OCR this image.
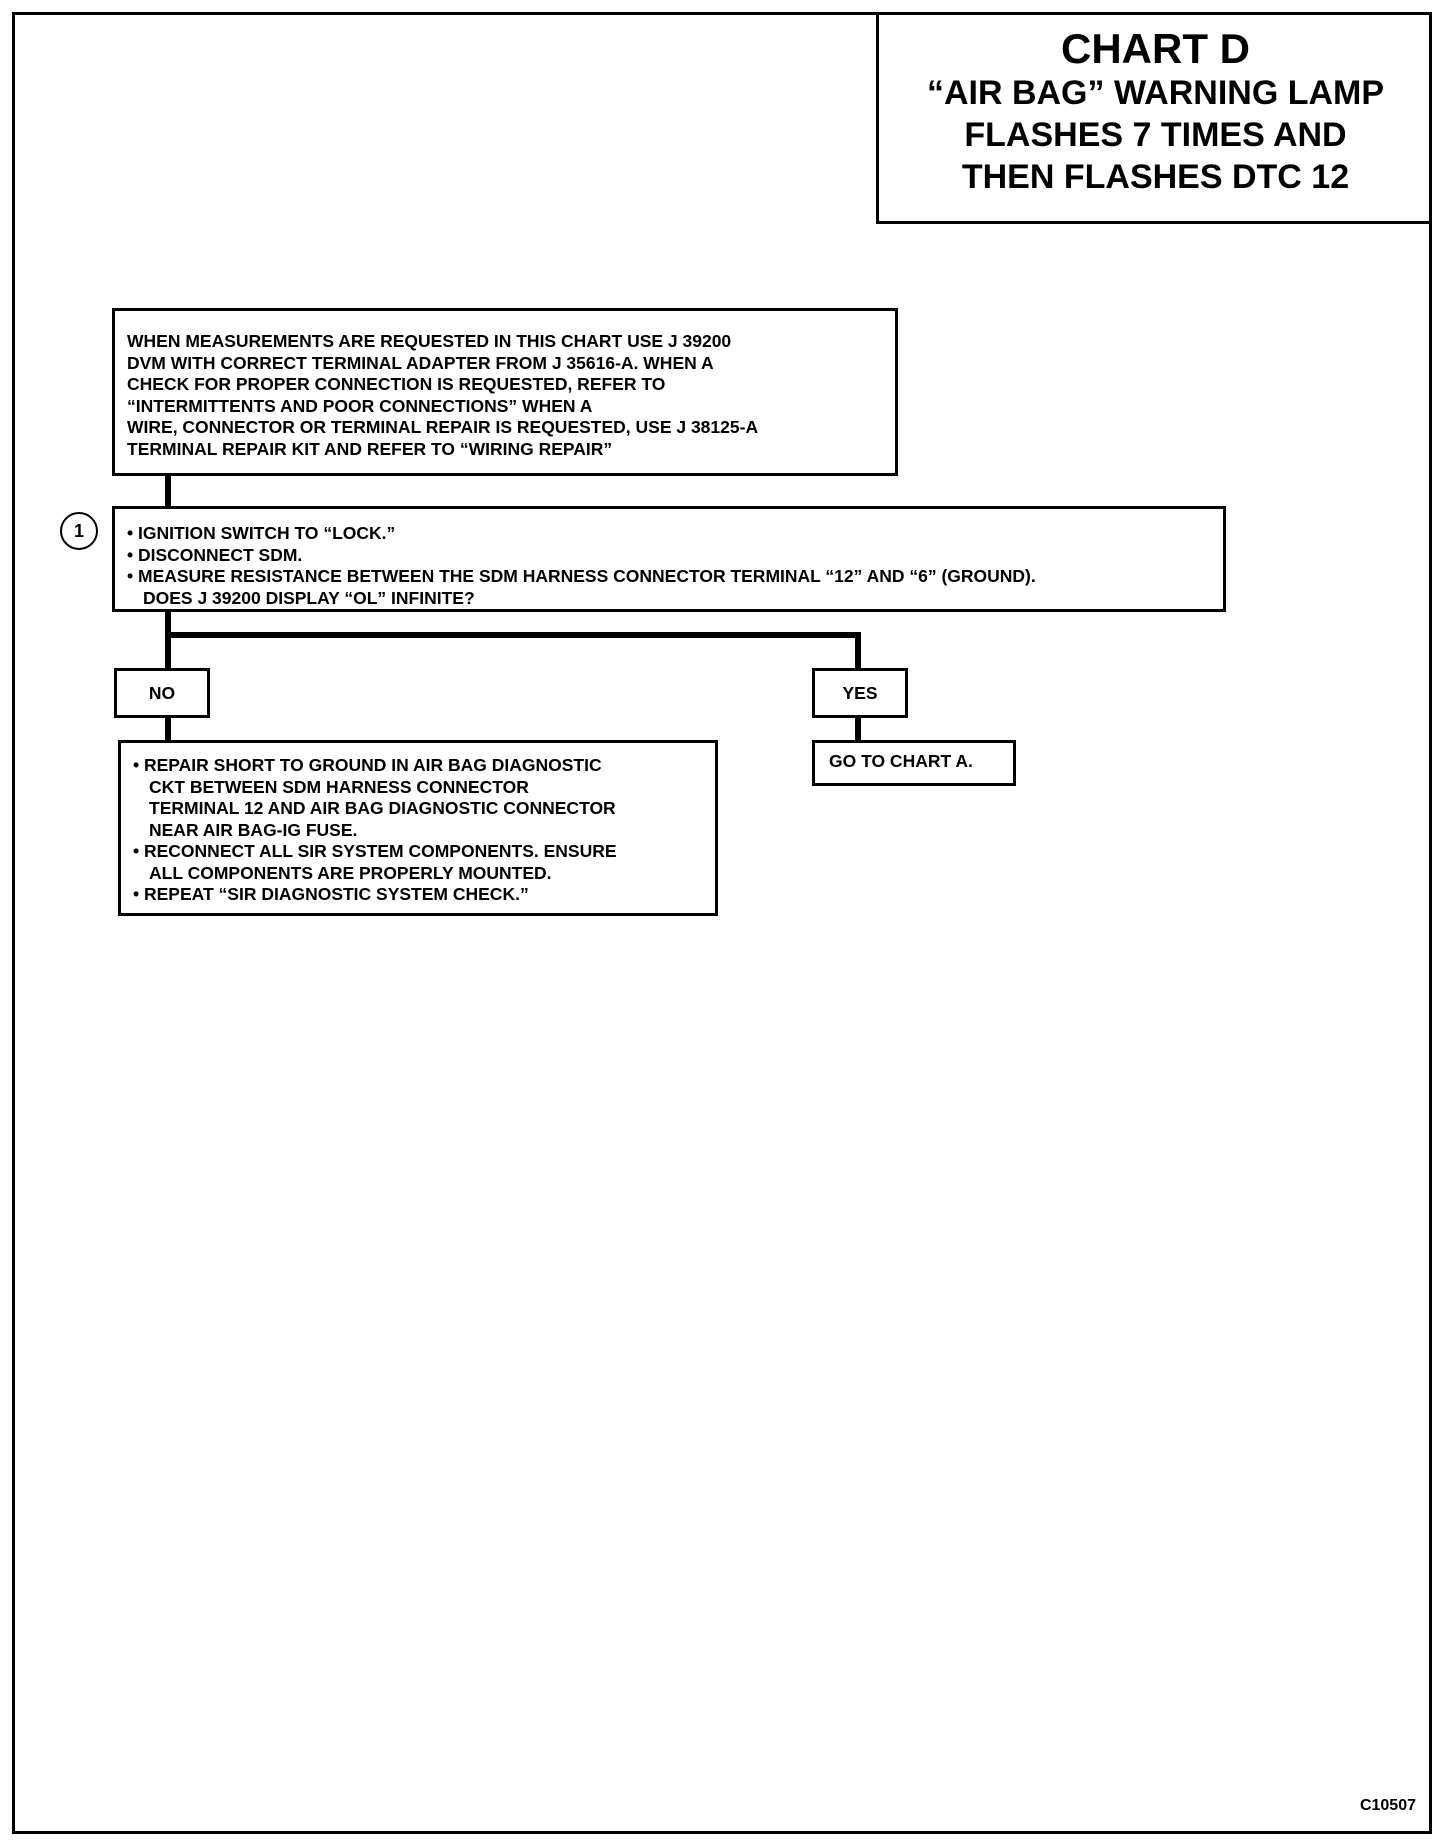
CHART D
“AIR BAG” WARNING LAMP
FLASHES 7 TIMES AND
THEN FLASHES DTC 12
WHEN MEASUREMENTS ARE REQUESTED IN THIS CHART USE J 39200
DVM WITH CORRECT TERMINAL ADAPTER FROM J 35616-A. WHEN A
CHECK FOR PROPER CONNECTION IS REQUESTED, REFER TO
“INTERMITTENTS AND POOR CONNECTIONS” WHEN A
WIRE, CONNECTOR OR TERMINAL REPAIR IS REQUESTED, USE J 38125-A
TERMINAL REPAIR KIT AND REFER TO “WIRING REPAIR”
1	• IGNITION SWITCH TO “LOCK.”
• DISCONNECT SDM.
• MEASURE RESISTANCE BETWEEN THE SDM HARNESS CONNECTOR TERMINAL “12” AND “6” (GROUND).
DOES J 39200 DISPLAY “OL” INFINITE?
NO	YES
GO TO CHART A.
• REPAIR SHORT TO GROUND IN AIR BAG DIAGNOSTIC
CKT BETWEEN SDM HARNESS CONNECTOR
TERMINAL 12 AND AIR BAG DIAGNOSTIC CONNECTOR
NEAR AIR BAG-IG FUSE.
• RECONNECT ALL SIR SYSTEM COMPONENTS. ENSURE
ALL COMPONENTS ARE PROPERLY MOUNTED.
• REPEAT “SIR DIAGNOSTIC SYSTEM CHECK.”
C10507
